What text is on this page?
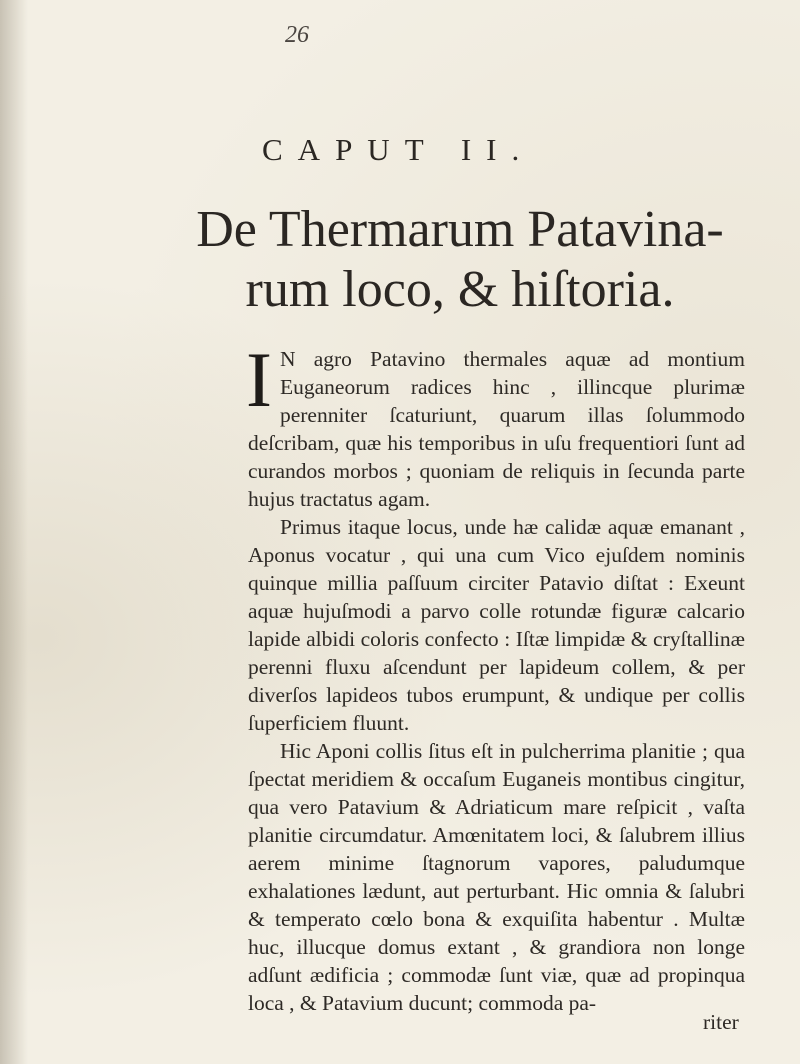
26
CAPUT II.
De Thermarum Patavina-
rum loco, & hiſtoria.

I N agro Patavino thermales aquæ ad montium Euganeorum radices hinc , illincque plurimæ perenniter ſcaturiunt, quarum illas ſolummodo deſcribam, quæ his temporibus in uſu frequentiori ſunt ad curandos morbos ; quoniam de reliquis in ſecunda parte hujus tractatus agam.

Primus itaque locus, unde hæ calidæ aquæ emanant , Aponus vocatur , qui una cum Vico ejuſdem nominis quinque millia paſſuum circiter Patavio diſtat : Exeunt aquæ hujuſmodi a parvo colle rotundæ figuræ calcario lapide albidi coloris confecto : Iſtæ limpidæ & cryſtallinæ perenni fluxu aſcendunt per lapideum collem, & per diverſos lapideos tubos erumpunt, & undique per collis ſuperficiem fluunt.

Hic Aponi collis ſitus eſt in pulcherrima planitie ; qua ſpectat meridiem & occaſum Euganeis montibus cingitur, qua vero Patavium & Adriaticum mare reſpicit , vaſta planitie circumdatur. Amœnitatem loci, & ſalubrem illius aerem minime ſtagnorum vapores, paludumque exhalationes lædunt, aut perturbant. Hic omnia & ſalubri & temperato cœlo bona & exquiſita habentur . Multæ huc, illucque domus extant , & grandiora non longe adſunt ædificia ; commodæ ſunt viæ, quæ ad propinqua loca , & Patavium ducunt; commoda pa-

riter
